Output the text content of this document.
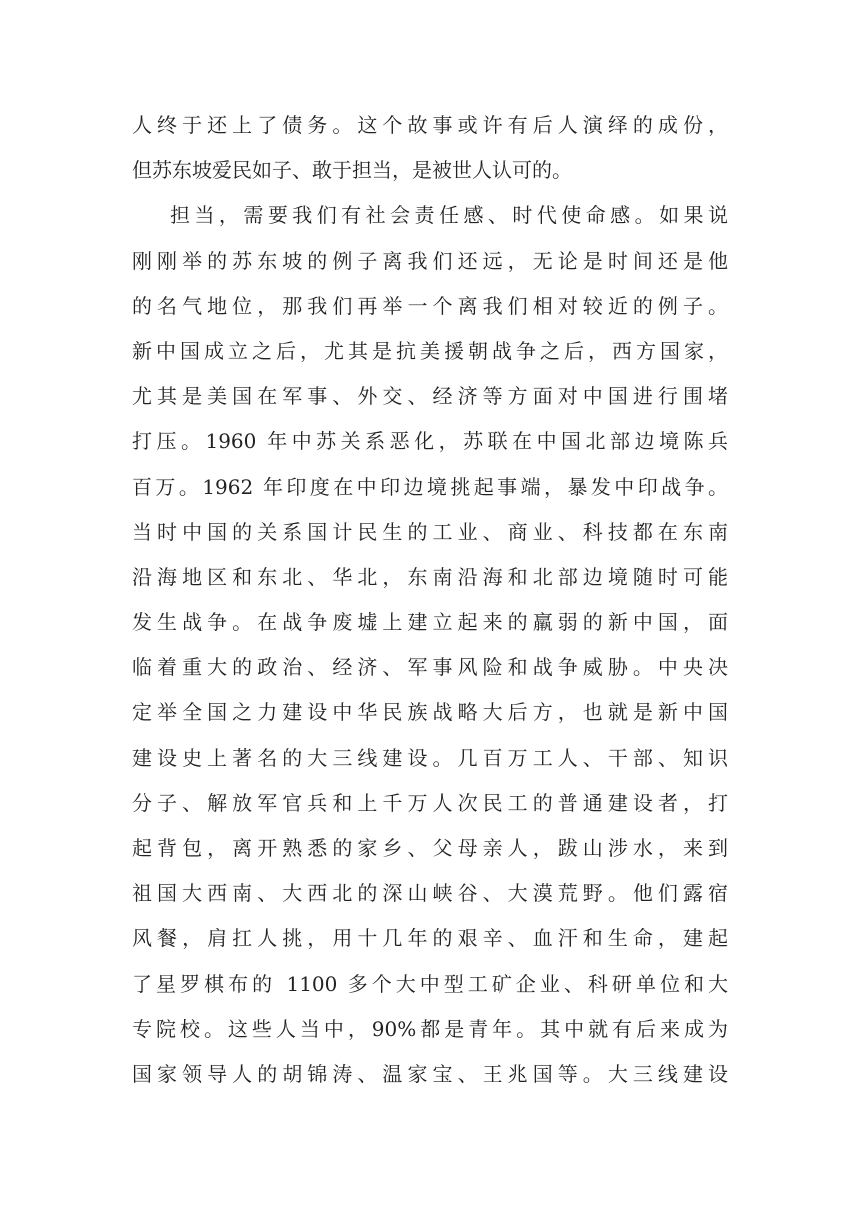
人终于还上了债务。这个故事或许有后人演绎的成份，
但苏东坡爱民如子、敢于担当，是被世人认可的。
担当，需要我们有社会责任感、时代使命感。如果说
刚刚举的苏东坡的例子离我们还远，无论是时间还是他
的名气地位，那我们再举一个离我们相对较近的例子。
新中国成立之后，尤其是抗美援朝战争之后，西方国家，
尤其是美国在军事、外交、经济等方面对中国进行围堵
打压。1960 年中苏关系恶化，苏联在中国北部边境陈兵
百万。1962 年印度在中印边境挑起事端，暴发中印战争。
当时中国的关系国计民生的工业、商业、科技都在东南
沿海地区和东北、华北，东南沿海和北部边境随时可能
发生战争。在战争废墟上建立起来的羸弱的新中国，面
临着重大的政治、经济、军事风险和战争威胁。中央决
定举全国之力建设中华民族战略大后方，也就是新中国
建设史上著名的大三线建设。几百万工人、干部、知识
分子、解放军官兵和上千万人次民工的普通建设者，打
起背包，离开熟悉的家乡、父母亲人，跋山涉水，来到
祖国大西南、大西北的深山峡谷、大漠荒野。他们露宿
风餐，肩扛人挑，用十几年的艰辛、血汗和生命，建起
了星罗棋布的 1100 多个大中型工矿企业、科研单位和大
专院校。这些人当中，90%都是青年。其中就有后来成为
国家领导人的胡锦涛、温家宝、王兆国等。大三线建设
